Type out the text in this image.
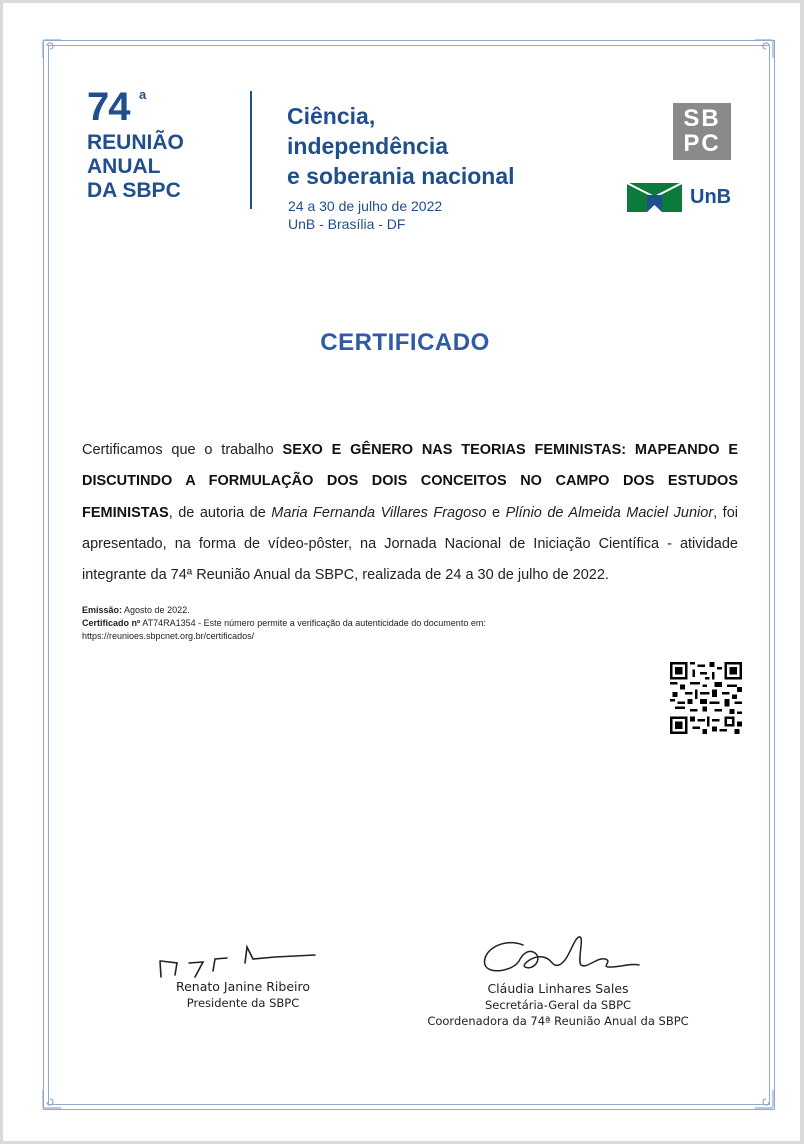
74 a
REUNIÃO
ANUAL
DA SBPC
Ciência,
independência
e soberania nacional
24 a 30 de julho de 2022
UnB - Brasília - DF
SB
PC
UnB
CERTIFICADO
Certificamos que o trabalho SEXO E GÊNERO NAS TEORIAS FEMINISTAS: MAPEANDO E DISCUTINDO A FORMULAÇÃO DOS DOIS CONCEITOS NO CAMPO DOS ESTUDOS FEMINISTAS, de autoria de Maria Fernanda Villares Fragoso e Plínio de Almeida Maciel Junior, foi apresentado, na forma de vídeo-pôster, na Jornada Nacional de Iniciação Científica - atividade integrante da 74ª Reunião Anual da SBPC, realizada de 24 a 30 de julho de 2022.
Emissão: Agosto de 2022.
Certificado nº AT74RA1354 - Este número permite a verificação da autenticidade do documento em:
https://reunioes.sbpcnet.org.br/certificados/
Renato Janine Ribeiro
Presidente da SBPC
Cláudia Linhares Sales
Secretária-Geral da SBPC
Coordenadora da 74ª Reunião Anual da SBPC
